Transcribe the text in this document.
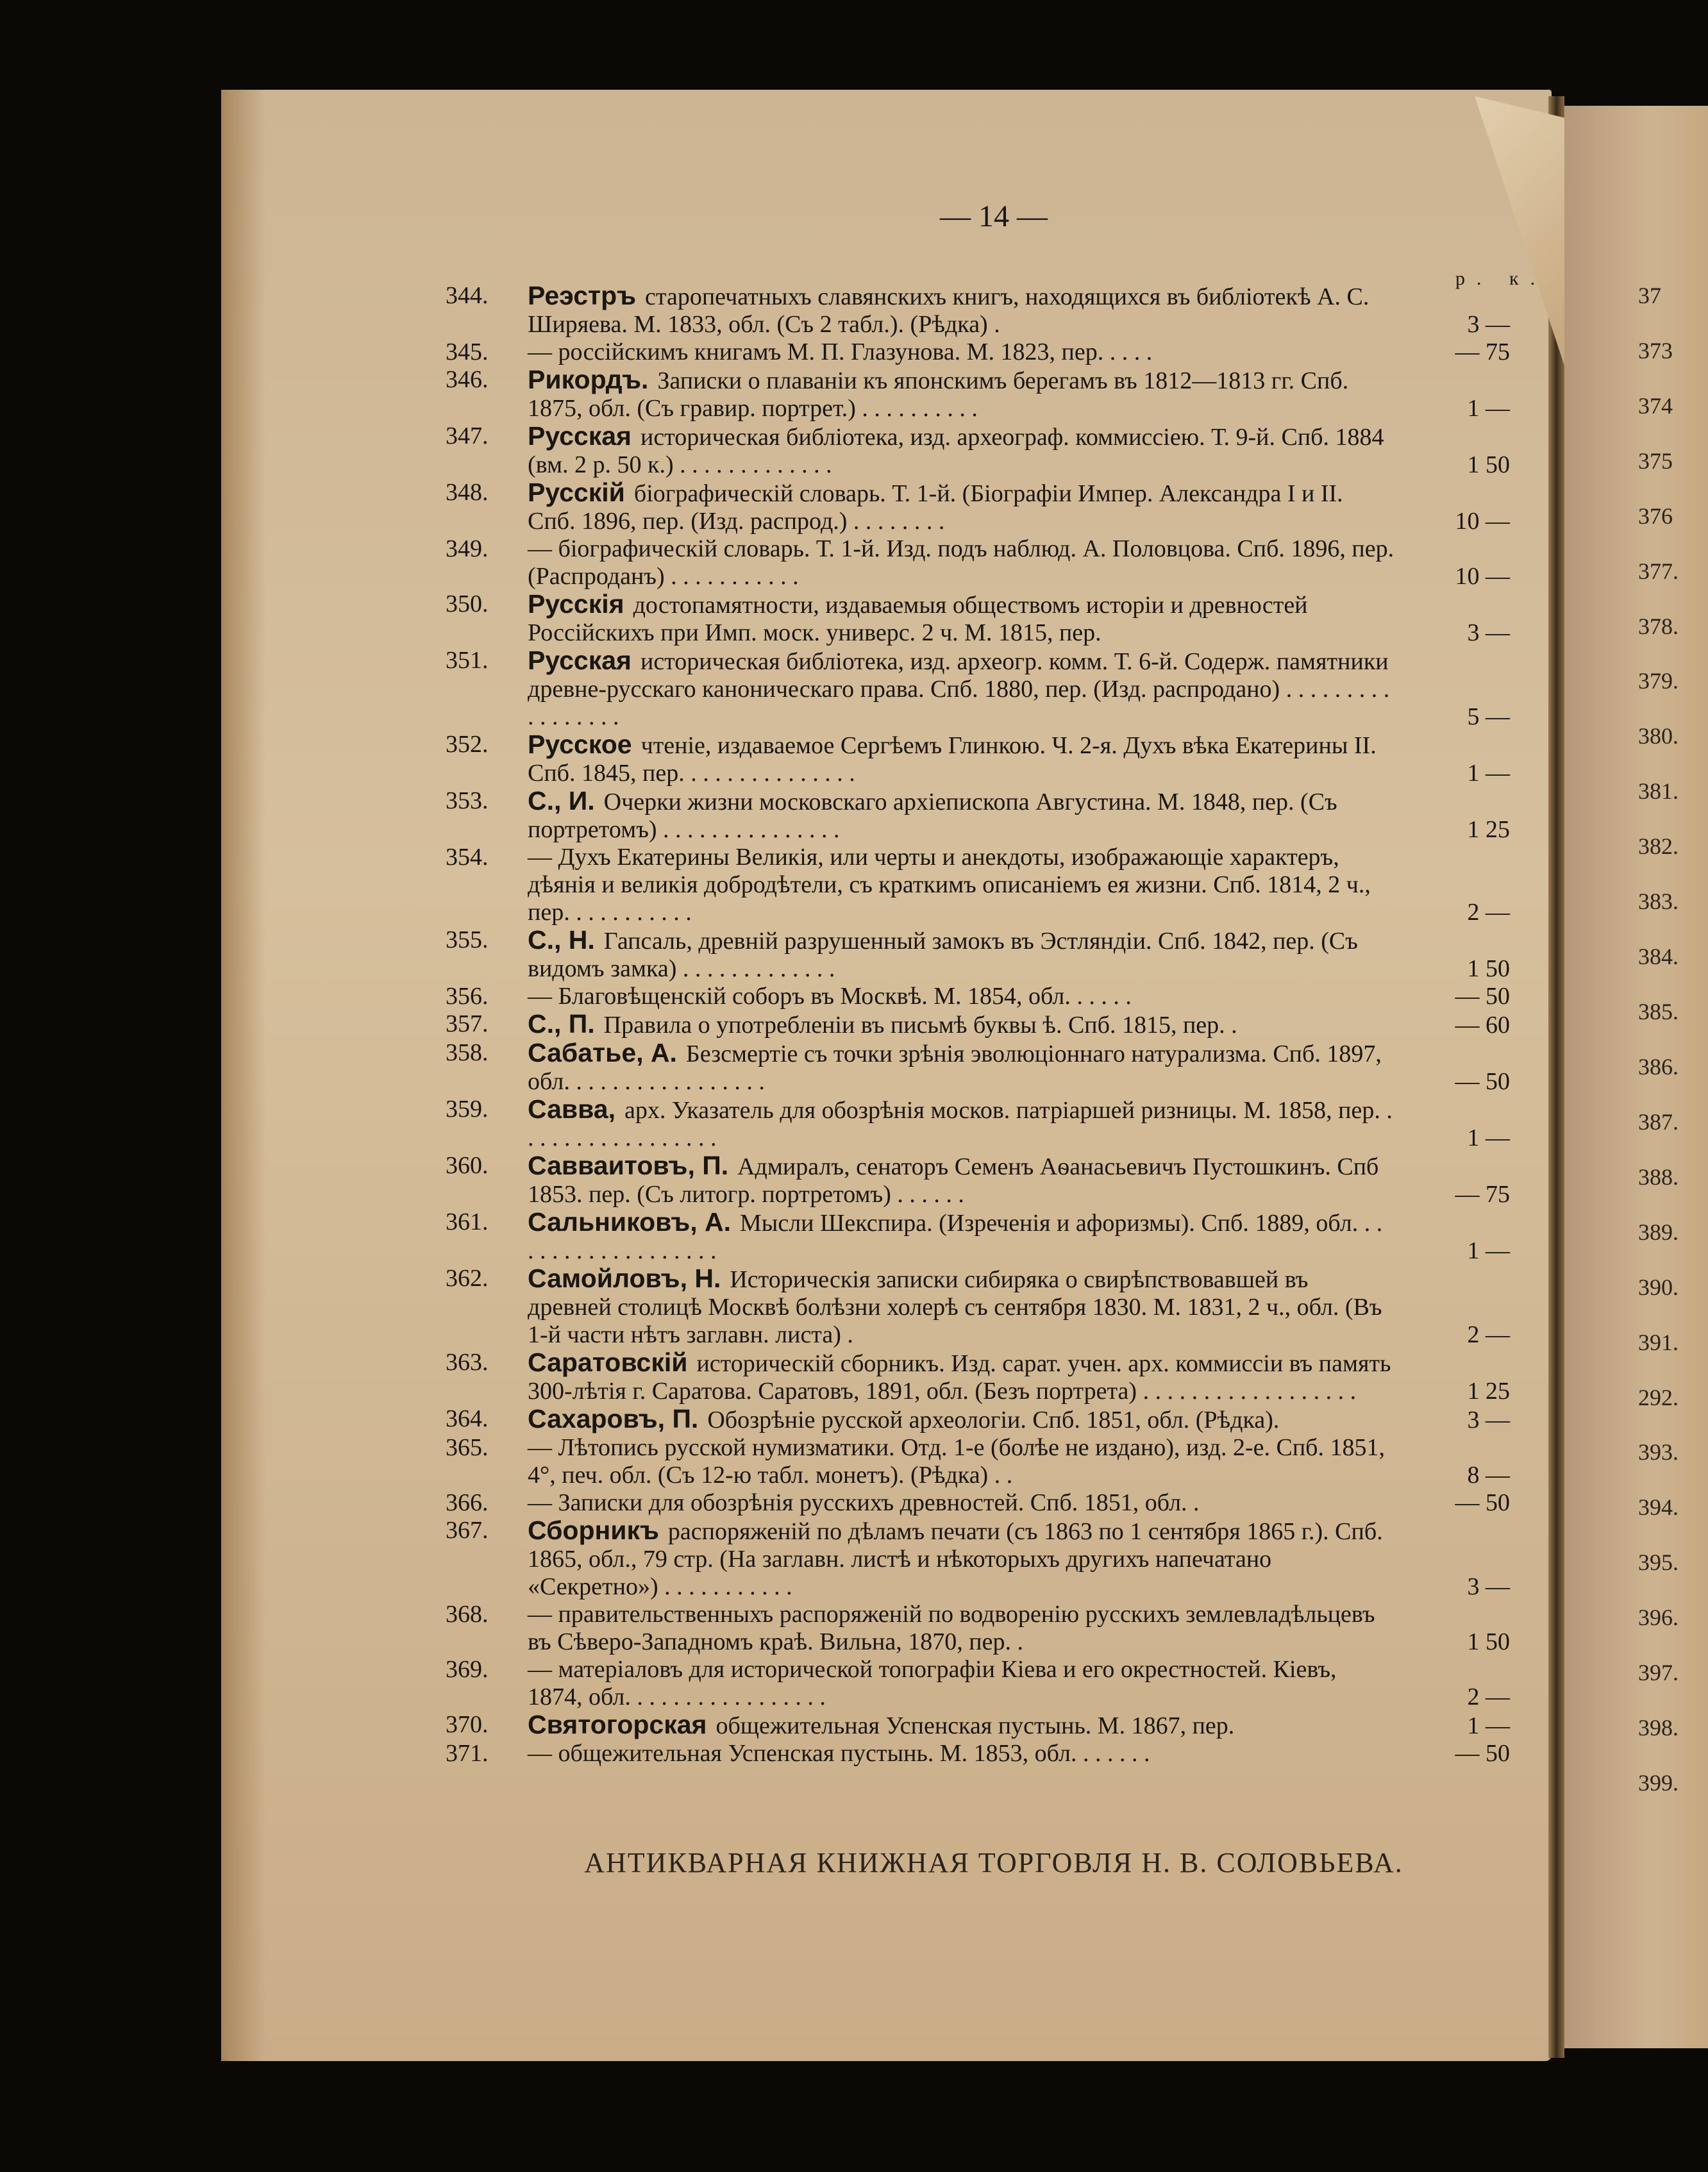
— 14 —
р. к.
344.	Реэстръ старопечатныхъ славянскихъ книгъ, находящихся въ библіотекѣ А. С. Ширяева. М. 1833, обл. (Съ 2 табл.). (Рѣдка) .	3 —
345.	— россійскимъ книгамъ М. П. Глазунова. М. 1823, пер. . . . .	— 75
346.	Рикордъ. Записки о плаваніи къ японскимъ берегамъ въ 1812—1813 гг. Спб. 1875, обл. (Съ гравир. портрет.) . . . . . . . . . .	1 —
347.	Русская историческая библіотека, изд. археограф. коммиссіею. Т. 9-й. Спб. 1884 (вм. 2 р. 50 к.) . . . . . . . . . . . . .	1 50
348.	Русскій біографическій словарь. Т. 1-й. (Біографіи Импер. Александра I и II. Спб. 1896, пер. (Изд. распрод.) . . . . . . . .	10 —
349.	— біографическій словарь. Т. 1-й. Изд. подъ наблюд. А. Половцова. Спб. 1896, пер. (Распроданъ) . . . . . . . . . . .	10 —
350.	Русскія достопамятности, издаваемыя обществомъ исторіи и древностей Россійскихъ при Имп. моск. универс. 2 ч. М. 1815, пер.	3 —
351.	Русская историческая библіотека, изд. археогр. комм. Т. 6-й. Содерж. памятники древне-русскаго каноническаго права. Спб. 1880, пер. (Изд. распродано) . . . . . . . . . . . . . . . . .	5 —
352.	Русское чтеніе, издаваемое Сергѣемъ Глинкою. Ч. 2-я. Духъ вѣка Екатерины II. Спб. 1845, пер. . . . . . . . . . . . . . .	1 —
353.	С., И. Очерки жизни московскаго архіепископа Августина. М. 1848, пер. (Съ портретомъ) . . . . . . . . . . . . . . .	1 25
354.	— Духъ Екатерины Великія, или черты и анекдоты, изображающіе характеръ, дѣянія и великія добродѣтели, съ краткимъ описаніемъ ея жизни. Спб. 1814, 2 ч., пер. . . . . . . . . . .	2 —
355.	С., Н. Гапсаль, древній разрушенный замокъ въ Эстляндіи. Спб. 1842, пер. (Съ видомъ замка) . . . . . . . . . . . . .	1 50
356.	— Благовѣщенскій соборъ въ Москвѣ. М. 1854, обл. . . . . .	— 50
357.	С., П. Правила о употребленіи въ письмѣ буквы ѣ. Спб. 1815, пер. .	— 60
358.	Сабатье, А. Безсмертіе съ точки зрѣнія эволюціоннаго натурализма. Спб. 1897, обл. . . . . . . . . . . . . . . . .	— 50
359.	Савва, арх. Указатель для обозрѣнія москов. патріаршей ризницы. М. 1858, пер. . . . . . . . . . . . . . . . . .	1 —
360.	Савваитовъ, П. Адмиралъ, сенаторъ Семенъ Аѳанасьевичъ Пустошкинъ. Спб 1853. пер. (Съ литогр. портретомъ) . . . . . .	— 75
361.	Сальниковъ, А. Мысли Шекспира. (Изреченія и афоризмы). Спб. 1889, обл. . . . . . . . . . . . . . . . . . .	1 —
362.	Самойловъ, Н. Историческія записки сибиряка о свирѣпствовавшей въ древней столицѣ Москвѣ болѣзни холерѣ съ сентября 1830. М. 1831, 2 ч., обл. (Въ 1-й части нѣтъ заглавн. листа) .	2 —
363.	Саратовскій историческій сборникъ. Изд. сарат. учен. арх. коммиссіи въ память 300-лѣтія г. Саратова. Саратовъ, 1891, обл. (Безъ портрета) . . . . . . . . . . . . . . . . . .	1 25
364.	Сахаровъ, П. Обозрѣніе русской археологіи. Спб. 1851, обл. (Рѣдка).	3 —
365.	— Лѣтопись русской нумизматики. Отд. 1-е (болѣе не издано), изд. 2-е. Спб. 1851, 4°, печ. обл. (Съ 12-ю табл. монетъ). (Рѣдка) . .	8 —
366.	— Записки для обозрѣнія русскихъ древностей. Спб. 1851, обл. .	— 50
367.	Сборникъ распоряженій по дѣламъ печати (съ 1863 по 1 сентября 1865 г.). Спб. 1865, обл., 79 стр. (На заглавн. листѣ и нѣкоторыхъ другихъ напечатано «Секретно») . . . . . . . . . . .	3 —
368.	— правительственныхъ распоряженій по водворенію русскихъ землевладѣльцевъ въ Сѣверо-Западномъ краѣ. Вильна, 1870, пер. .	1 50
369.	— матеріаловъ для исторической топографіи Кіева и его окрестностей. Кіевъ, 1874, обл. . . . . . . . . . . . . . . . .	2 —
370.	Святогорская общежительная Успенская пустынь. М. 1867, пер.	1 —
371.	— общежительная Успенская пустынь. М. 1853, обл. . . . . . .	— 50
АНТИКВАРНАЯ КНИЖНАЯ ТОРГОВЛЯ Н. В. СОЛОВЬЕВА.
37
373
374
375
376
377.
378.
379.
380.
381.
382.
383.
384.
385.
386.
387.
388.
389.
390.
391.
292.
393.
394.
395.
396.
397.
398.
399.
